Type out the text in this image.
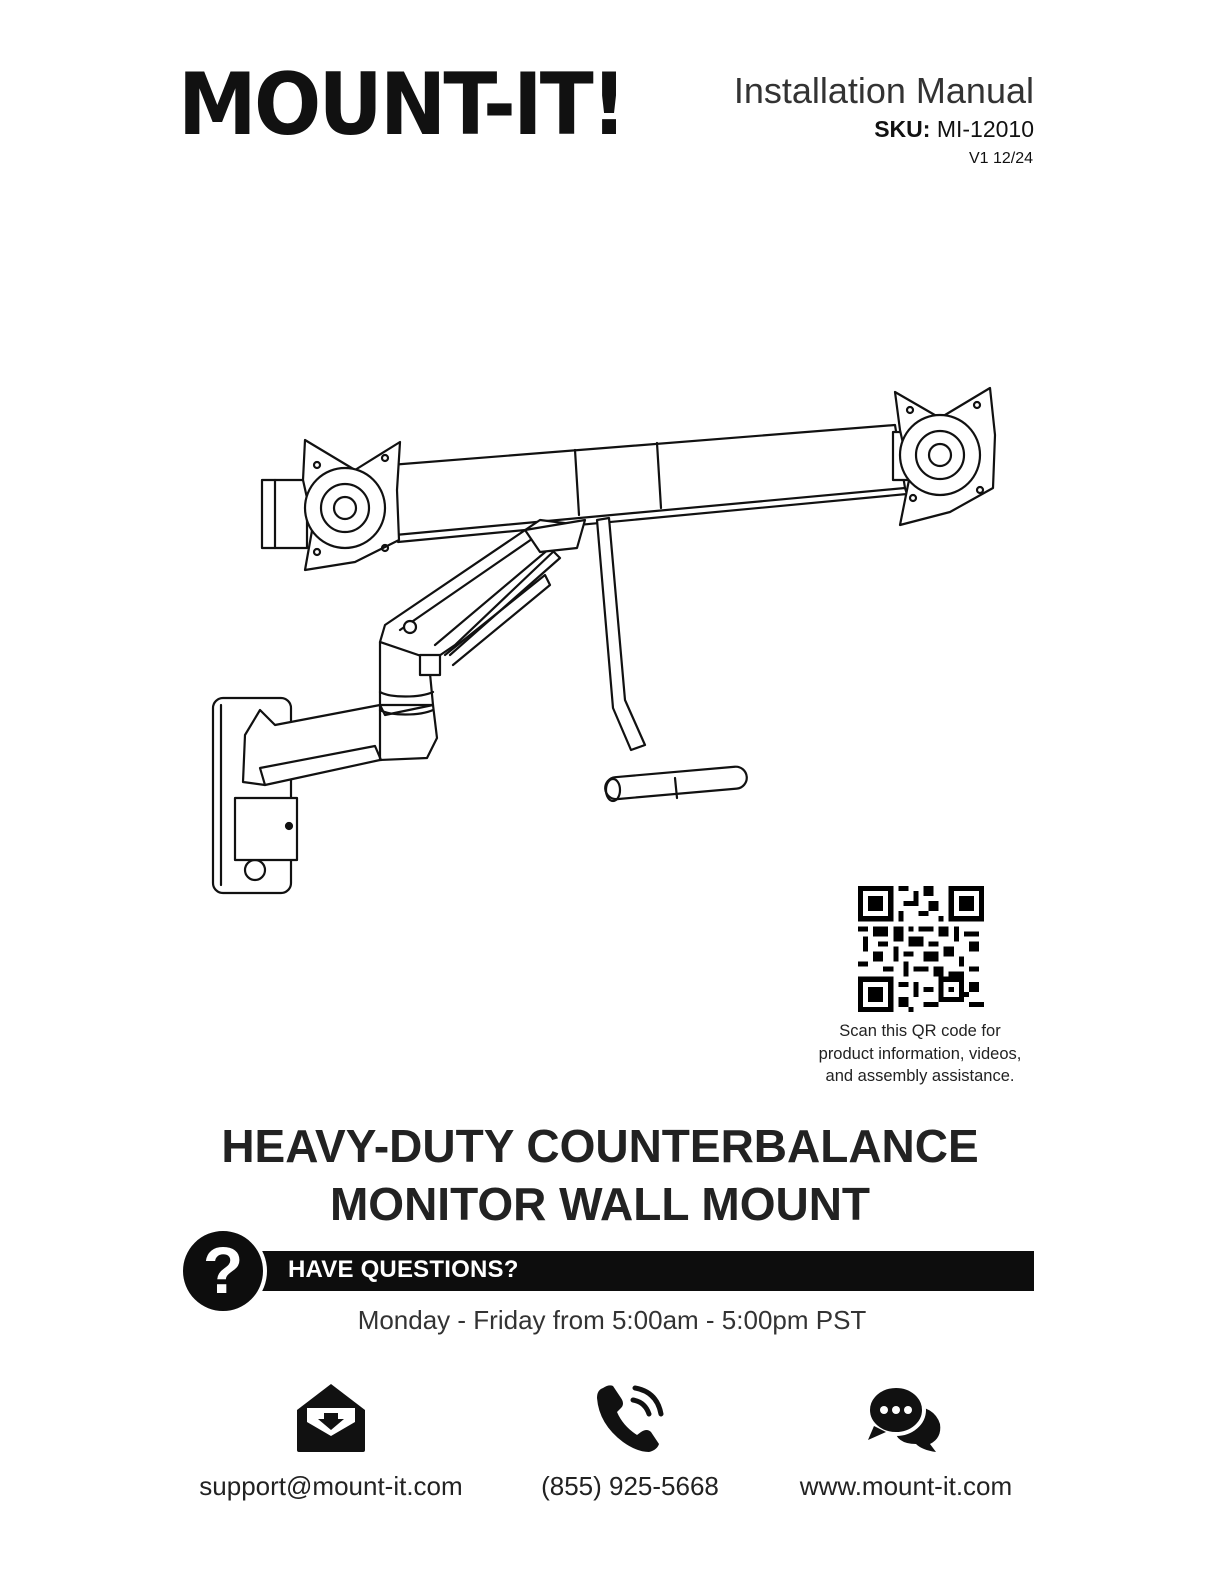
MOUNT-IT!	Installation Manual
SKU: MI-12010
V1 12/24
Scan this QR code for
product information, videos,
and assembly assistance.
HEAVY-DUTY COUNTERBALANCE
MONITOR WALL MOUNT
HAVE QUESTIONS?
?
Monday - Friday from 5:00am - 5:00pm PST
support@mount-it.com	(855) 925-5668	www.mount-it.com
